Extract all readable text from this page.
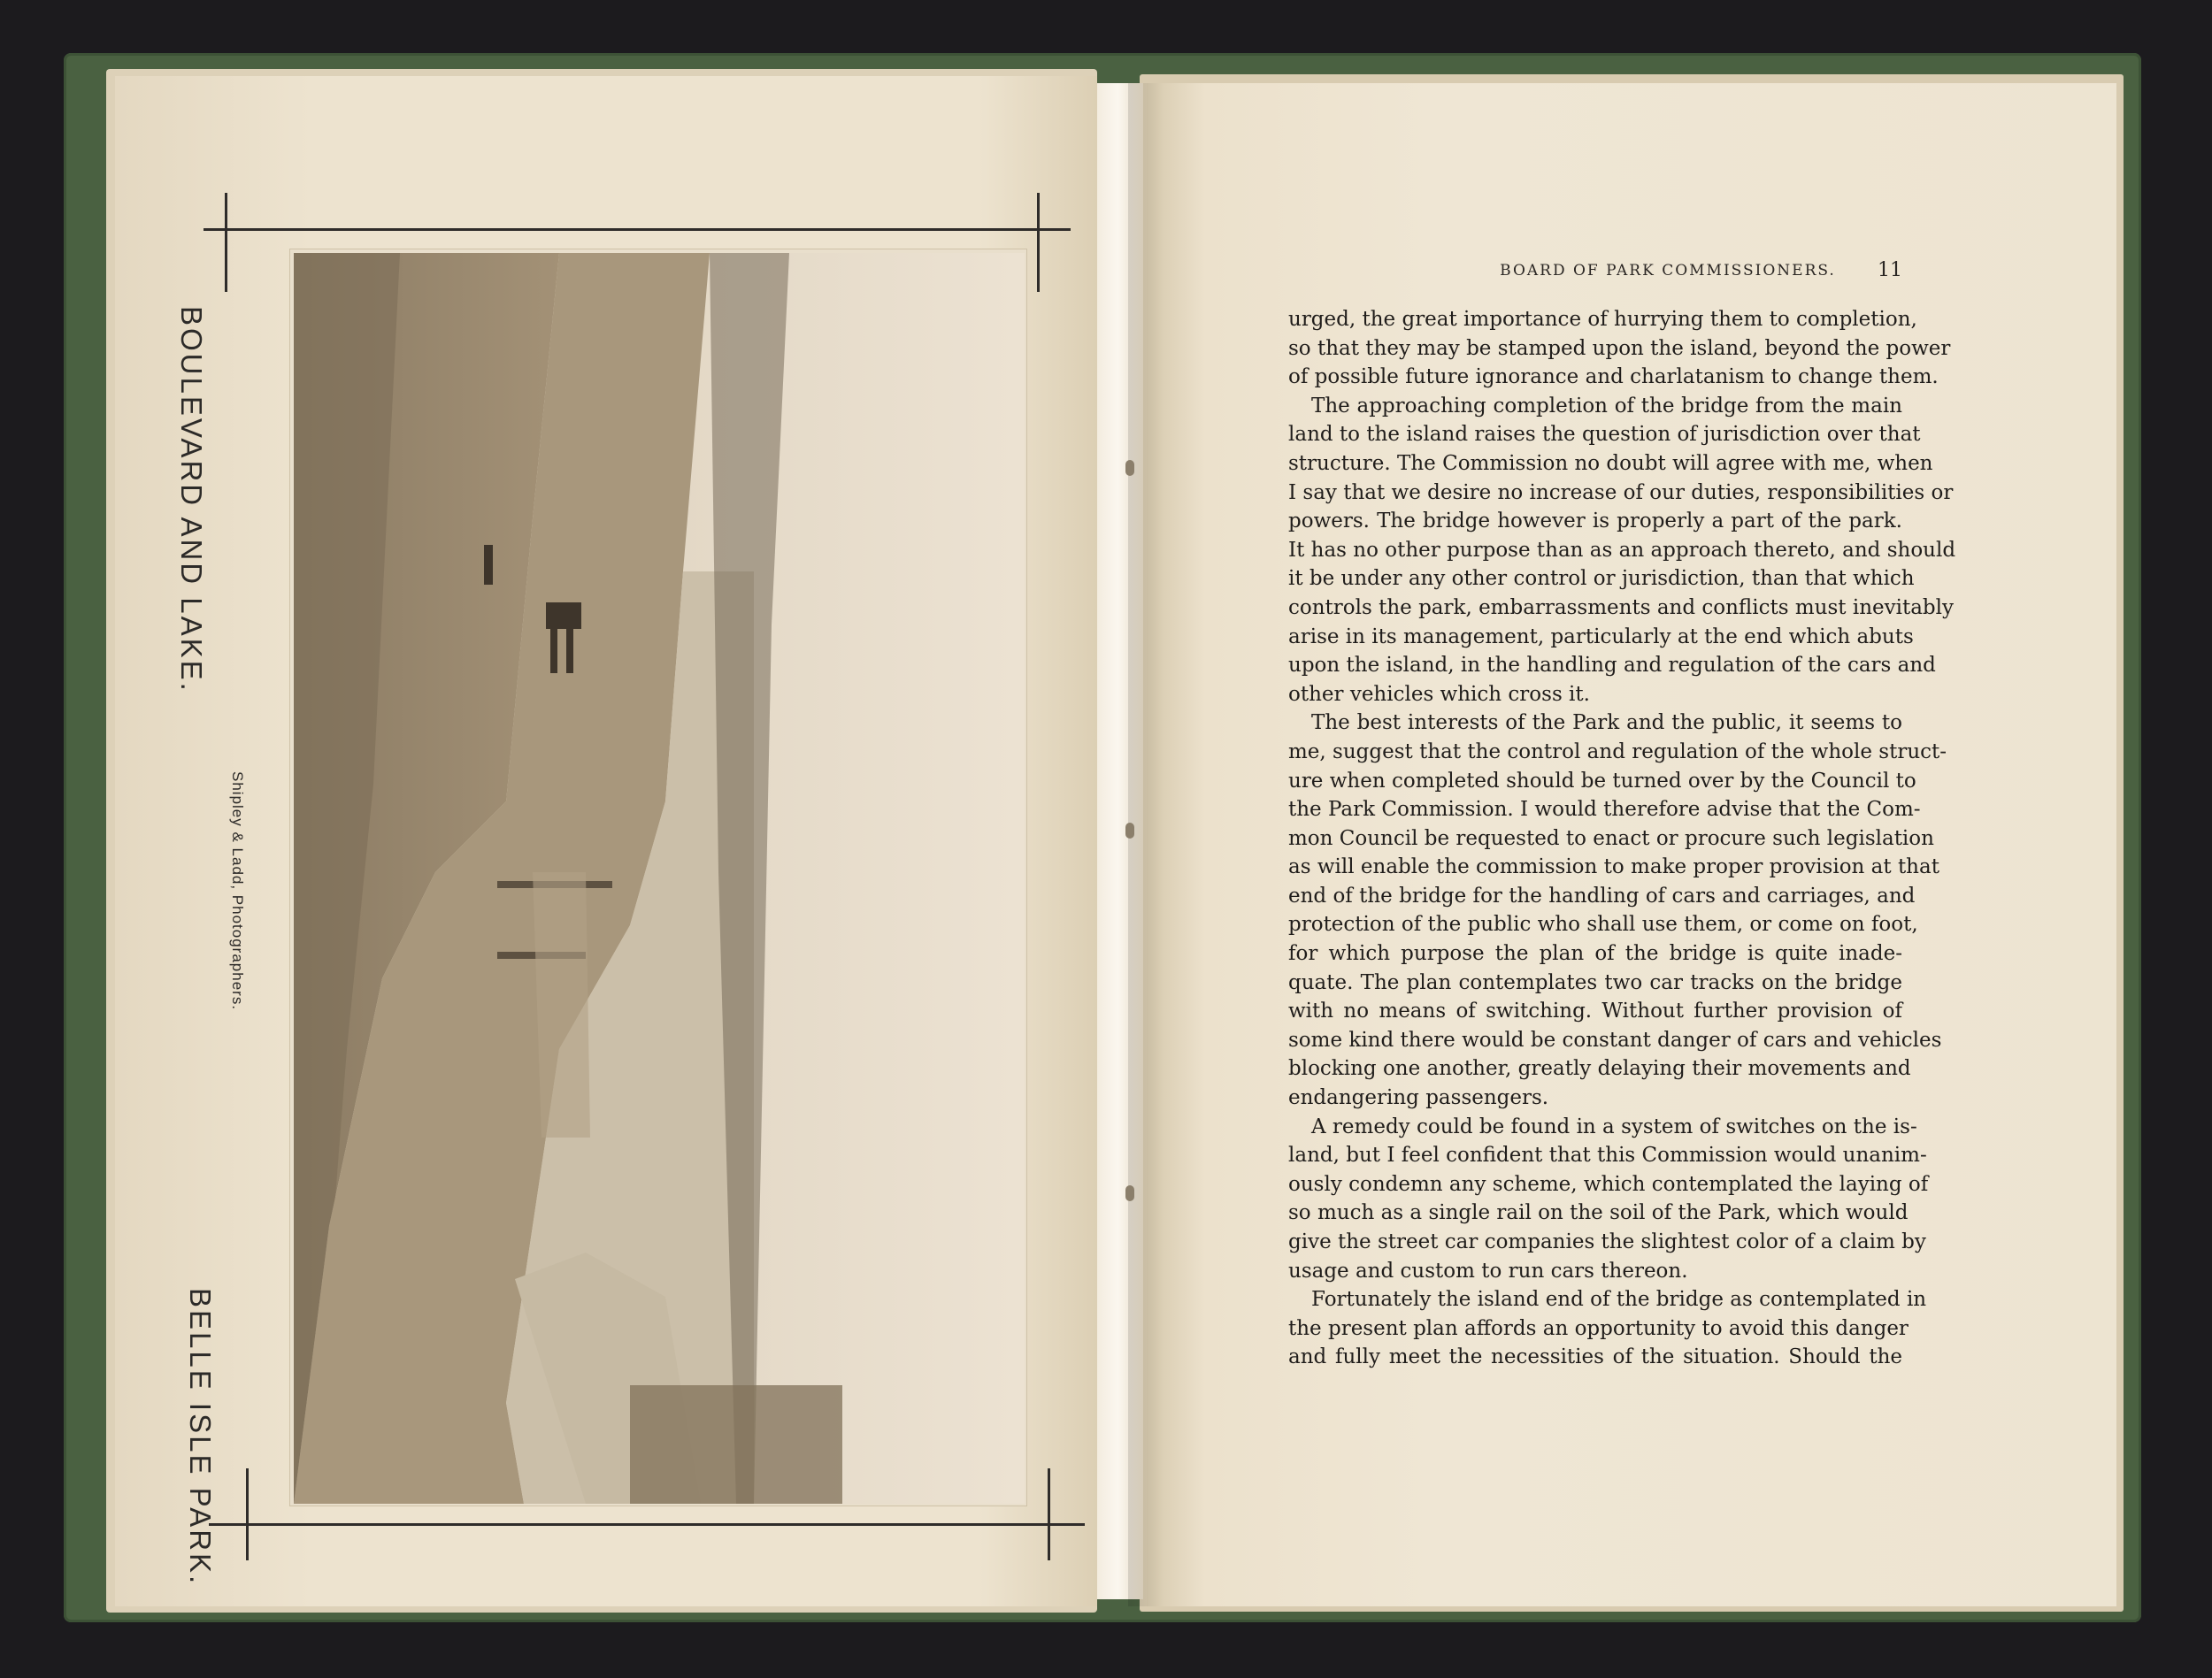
BOULEVARD AND LAKE.
BELLE ISLE PARK.
Shipley & Ladd, Photographers.
BOARD OF PARK COMMISSIONERS.	11
urged, the great importance of hurrying them to completion,
so that they may be stamped upon the island, beyond the power
of possible future ignorance and charlatanism to change them.
The approaching completion of the bridge from the main
land to the island raises the question of jurisdiction over that
structure. The Commission no doubt will agree with me, when
I say that we desire no increase of our duties, responsibilities or
powers. The bridge however is properly a part of the park.
It has no other purpose than as an approach thereto, and should
it be under any other control or jurisdiction, than that which
controls the park, embarrassments and conflicts must inevitably
arise in its management, particularly at the end which abuts
upon the island, in the handling and regulation of the cars and
other vehicles which cross it.
The best interests of the Park and the public, it seems to
me, suggest that the control and regulation of the whole struct-
ure when completed should be turned over by the Council to
the Park Commission. I would therefore advise that the Com-
mon Council be requested to enact or procure such legislation
as will enable the commission to make proper provision at that
end of the bridge for the handling of cars and carriages, and
protection of the public who shall use them, or come on foot,
for which purpose the plan of the bridge is quite inade-
quate. The plan contemplates two car tracks on the bridge
with no means of switching. Without further provision of
some kind there would be constant danger of cars and vehicles
blocking one another, greatly delaying their movements and
endangering passengers.
A remedy could be found in a system of switches on the is-
land, but I feel confident that this Commission would unanim-
ously condemn any scheme, which contemplated the laying of
so much as a single rail on the soil of the Park, which would
give the street car companies the slightest color of a claim by
usage and custom to run cars thereon.
Fortunately the island end of the bridge as contemplated in
the present plan affords an opportunity to avoid this danger
and fully meet the necessities of the situation. Should the
